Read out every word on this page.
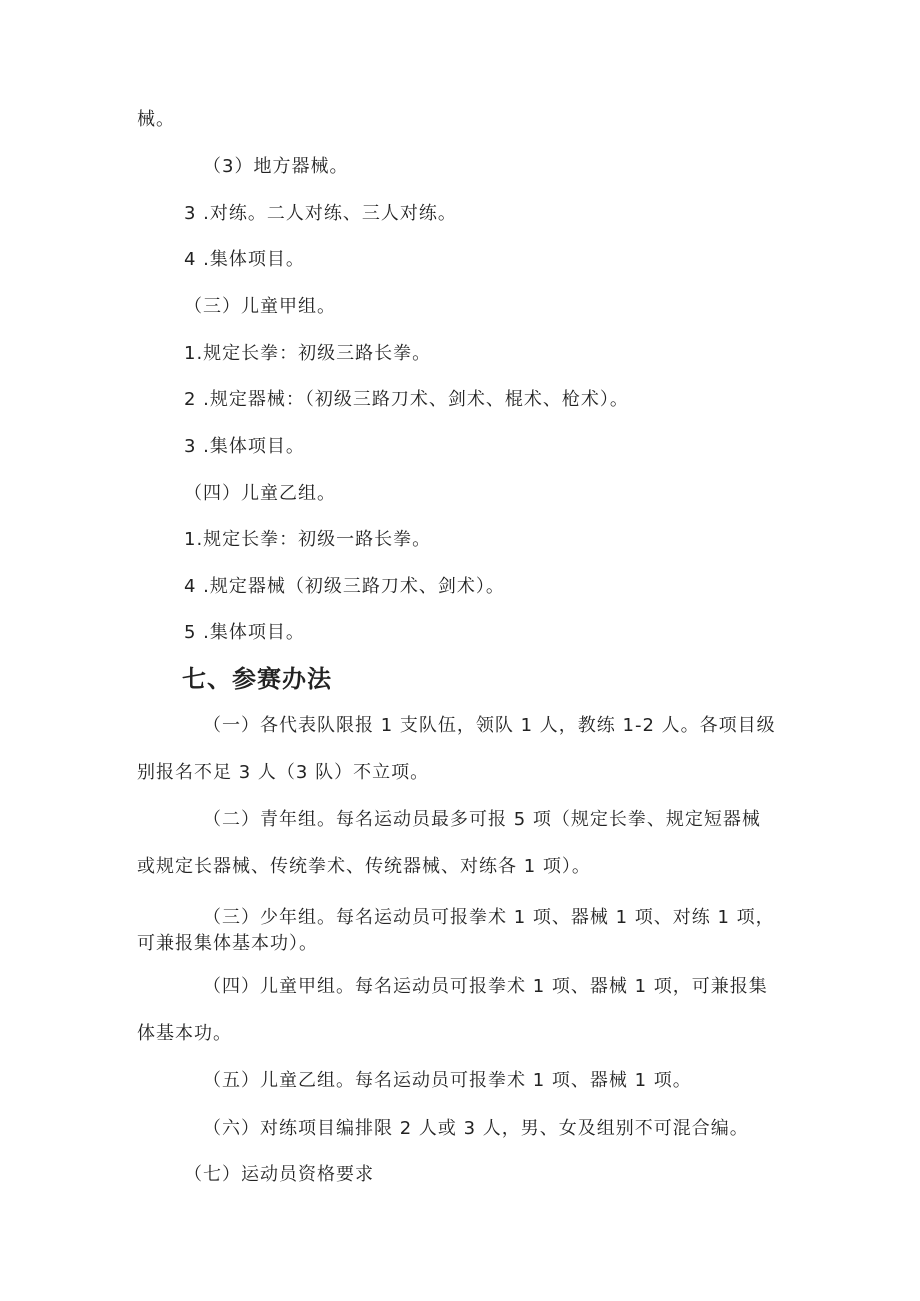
械。
（3）地方器械。
3 .对练。二人对练、三人对练。
4 .集体项目。
（三）儿童甲组。
1.规定长拳：初级三路长拳。
2 .规定器械：（初级三路刀术、剑术、棍术、枪术）。
3 .集体项目。
（四）儿童乙组。
1.规定长拳：初级一路长拳。
4 .规定器械（初级三路刀术、剑术）。
5 .集体项目。
七、参赛办法
（一）各代表队限报 1 支队伍，领队 1 人，教练 1-2 人。各项目级
别报名不足 3 人（3 队）不立项。
（二）青年组。每名运动员最多可报 5 项（规定长拳、规定短器械
或规定长器械、传统拳术、传统器械、对练各 1 项）。
（三）少年组。每名运动员可报拳术 1 项、器械 1 项、对练 1 项，
可兼报集体基本功）。
（四）儿童甲组。每名运动员可报拳术 1 项、器械 1 项，可兼报集
体基本功。
（五）儿童乙组。每名运动员可报拳术 1 项、器械 1 项。
（六）对练项目编排限 2 人或 3 人，男、女及组别不可混合编。
（七）运动员资格要求
